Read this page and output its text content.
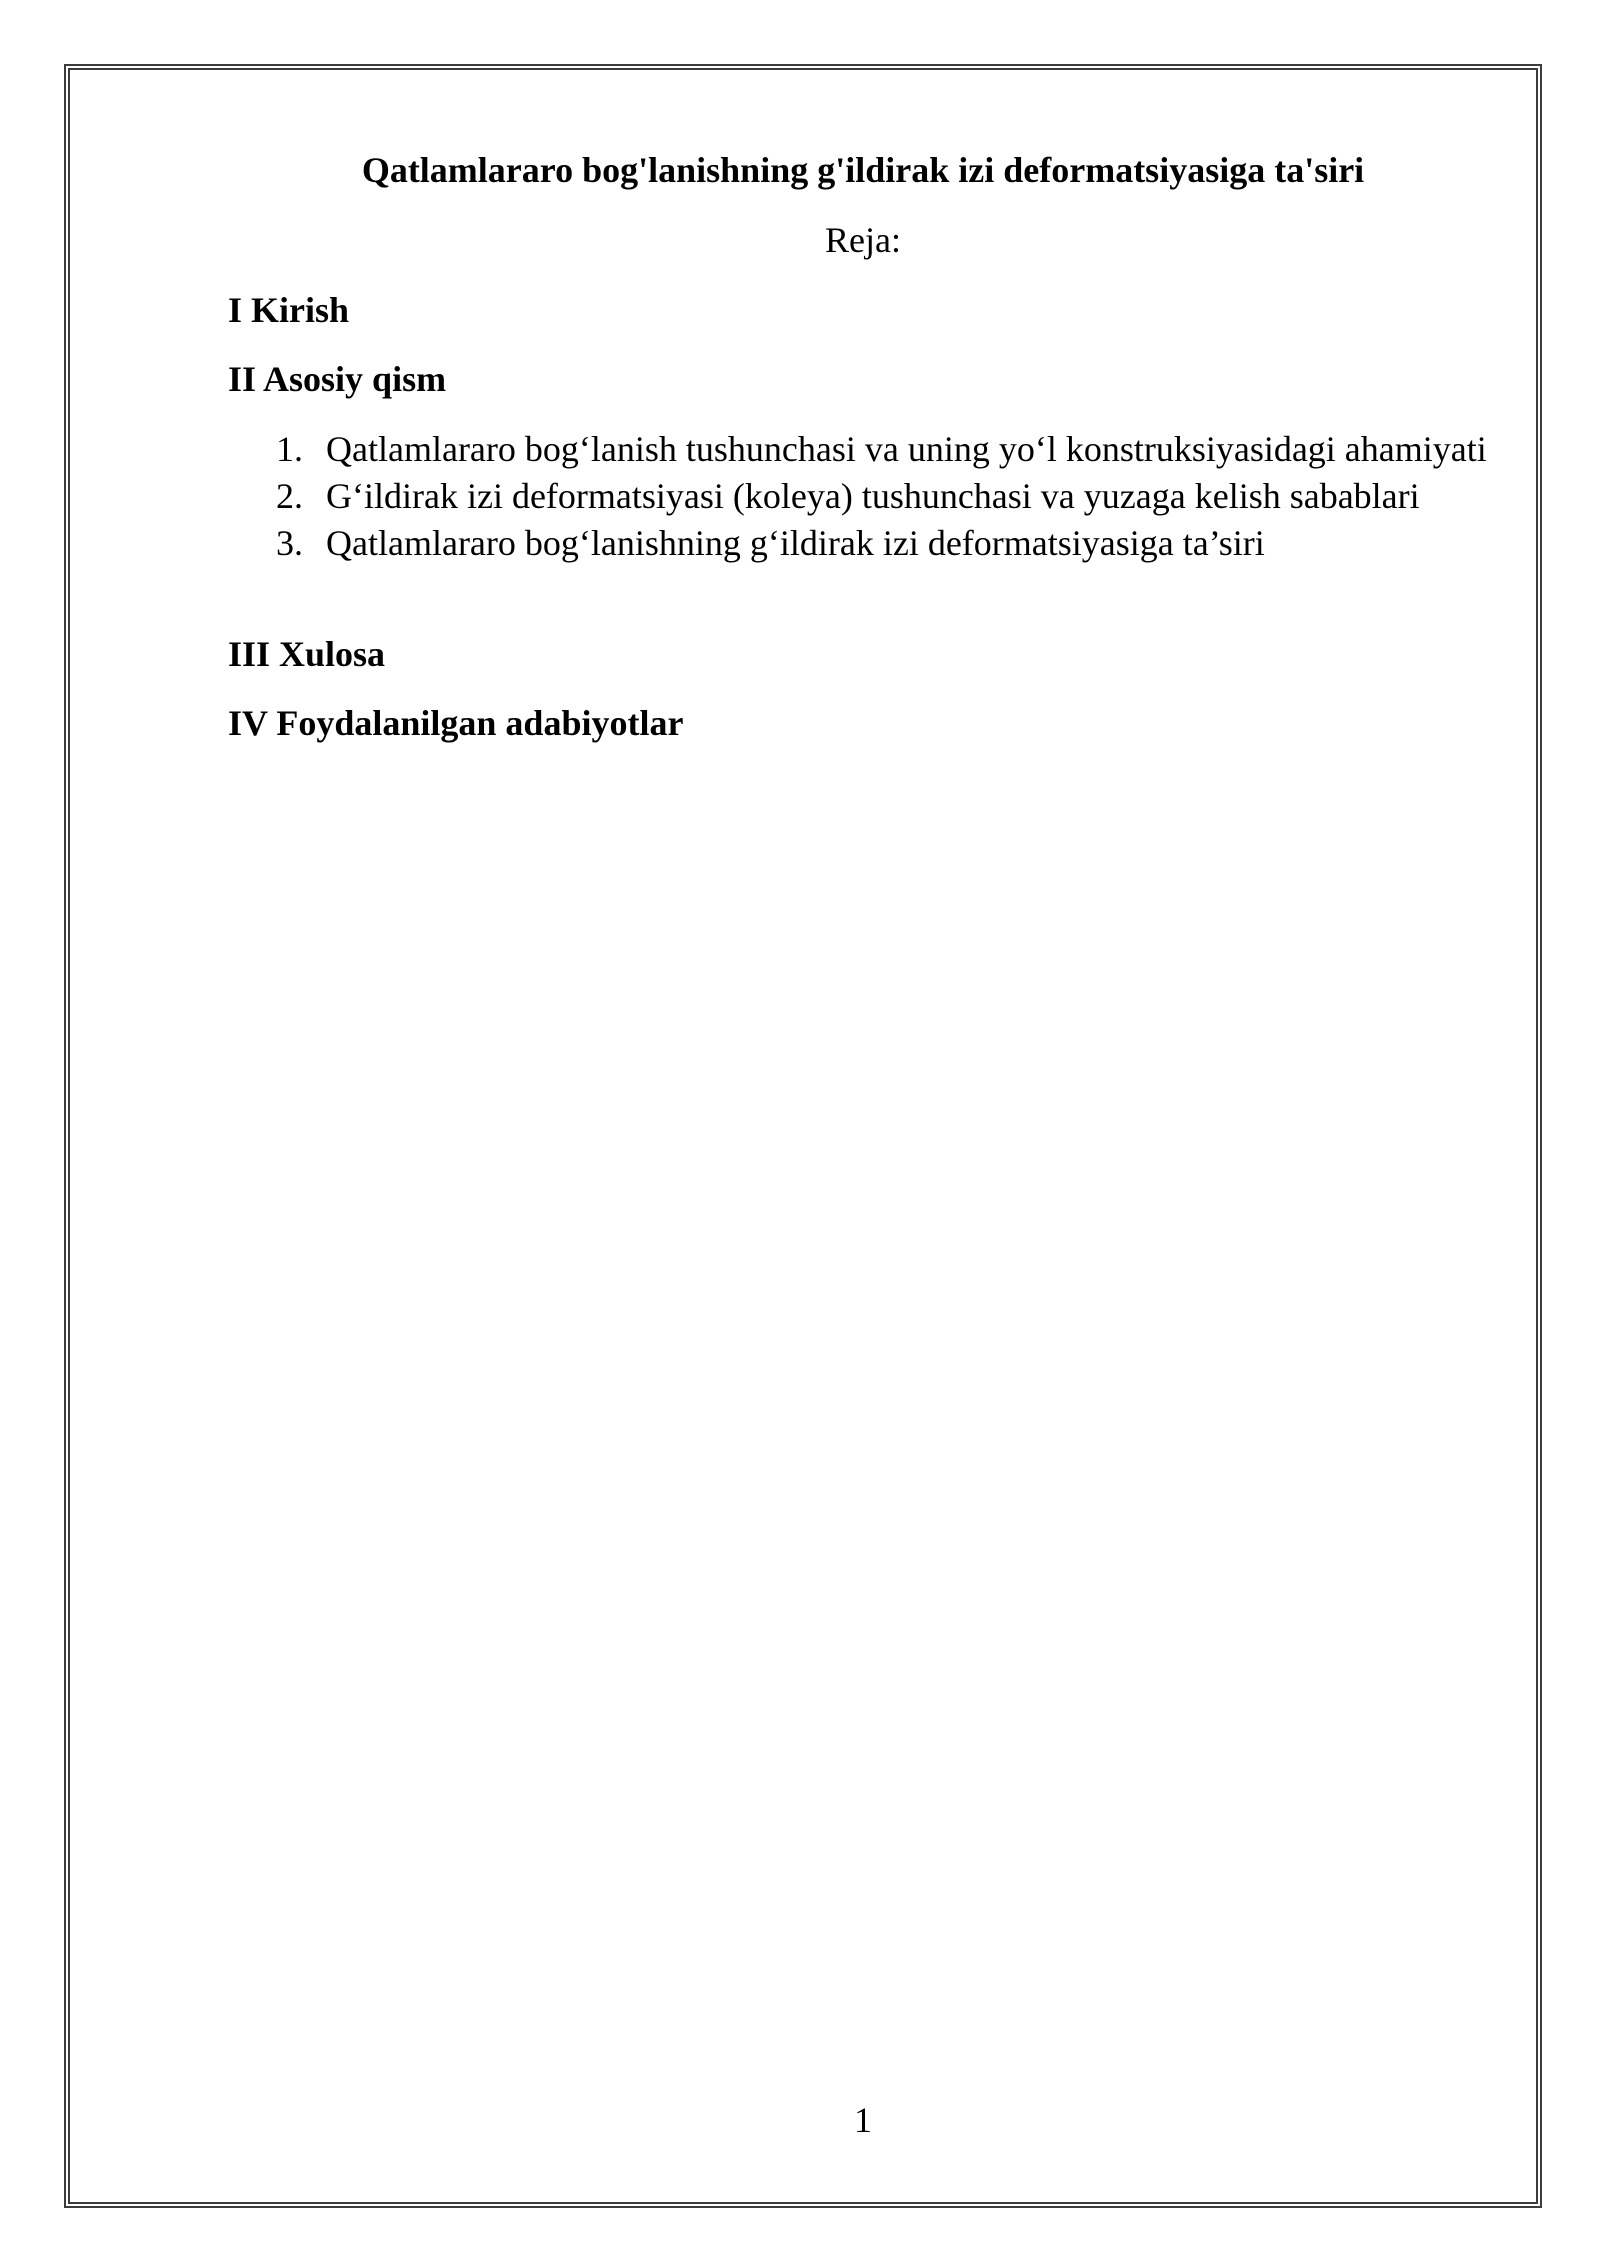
Qatlamlararo bog'lanishning g'ildirak izi deformatsiyasiga ta'siri
Reja:
I Kirish
II Asosiy qism
1. Qatlamlararo bog‘lanish tushunchasi va uning yo‘l konstruksiyasidagi ahamiyati
2. G‘ildirak izi deformatsiyasi (koleya) tushunchasi va yuzaga kelish sabablari
3. Qatlamlararo bog‘lanishning g‘ildirak izi deformatsiyasiga ta’siri
III Xulosa
IV Foydalanilgan adabiyotlar
1
